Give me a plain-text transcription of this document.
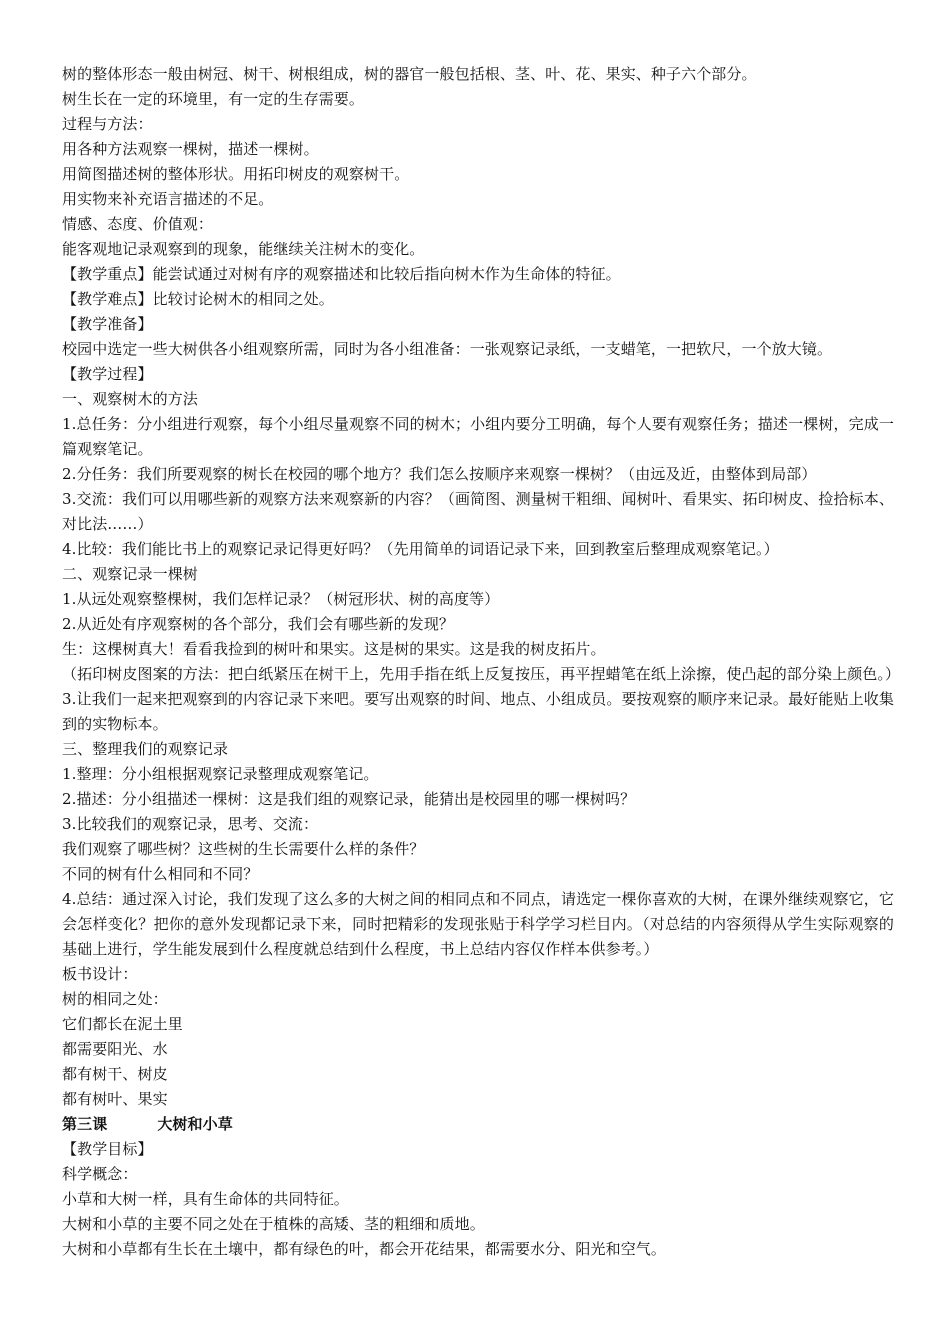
树的整体形态一般由树冠、树干、树根组成，树的器官一般包括根、茎、叶、花、果实、种子六个部分。
树生长在一定的环境里，有一定的生存需要。
过程与方法：
用各种方法观察一棵树，描述一棵树。
用简图描述树的整体形状。用拓印树皮的观察树干。
用实物来补充语言描述的不足。
情感、态度、价值观：
能客观地记录观察到的现象，能继续关注树木的变化。
【教学重点】能尝试通过对树有序的观察描述和比较后指向树木作为生命体的特征。
【教学难点】比较讨论树木的相同之处。
【教学准备】
校园中选定一些大树供各小组观察所需，同时为各小组准备：一张观察记录纸，一支蜡笔，一把软尺，一个放大镜。
【教学过程】
一、观察树木的方法
1.总任务：分小组进行观察，每个小组尽量观察不同的树木；小组内要分工明确，每个人要有观察任务；描述一棵树，完成一篇观察笔记。
2.分任务：我们所要观察的树长在校园的哪个地方？我们怎么按顺序来观察一棵树？（由远及近，由整体到局部）
3.交流：我们可以用哪些新的观察方法来观察新的内容？（画简图、测量树干粗细、闻树叶、看果实、拓印树皮、捡拾标本、对比法……）
4.比较：我们能比书上的观察记录记得更好吗？（先用简单的词语记录下来，回到教室后整理成观察笔记。）
二、观察记录一棵树
1.从远处观察整棵树，我们怎样记录？（树冠形状、树的高度等）
2.从近处有序观察树的各个部分，我们会有哪些新的发现？
生：这棵树真大！看看我捡到的树叶和果实。这是树的果实。这是我的树皮拓片。
（拓印树皮图案的方法：把白纸紧压在树干上，先用手指在纸上反复按压，再平捏蜡笔在纸上涂擦，使凸起的部分染上颜色。）
3.让我们一起来把观察到的内容记录下来吧。要写出观察的时间、地点、小组成员。要按观察的顺序来记录。最好能贴上收集到的实物标本。
三、整理我们的观察记录
1.整理：分小组根据观察记录整理成观察笔记。
2.描述：分小组描述一棵树：这是我们组的观察记录，能猜出是校园里的哪一棵树吗？
3.比较我们的观察记录，思考、交流：
我们观察了哪些树？这些树的生长需要什么样的条件？
不同的树有什么相同和不同？
4.总结：通过深入讨论，我们发现了这么多的大树之间的相同点和不同点，请选定一棵你喜欢的大树，在课外继续观察它，它会怎样变化？把你的意外发现都记录下来，同时把精彩的发现张贴于科学学习栏目内。（对总结的内容须得从学生实际观察的基础上进行，学生能发展到什么程度就总结到什么程度，书上总结内容仅作样本供参考。）
板书设计：
树的相同之处：
它们都长在泥土里
都需要阳光、水
都有树干、树皮
都有树叶、果实
第三课	大树和小草
【教学目标】
科学概念：
小草和大树一样，具有生命体的共同特征。
大树和小草的主要不同之处在于植株的高矮、茎的粗细和质地。
大树和小草都有生长在土壤中，都有绿色的叶，都会开花结果，都需要水分、阳光和空气。
